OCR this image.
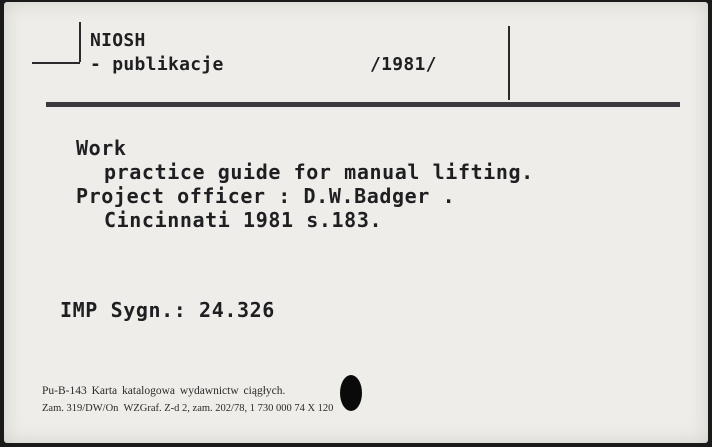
NIOSH
- publikacje	/1981/
Work
practice guide for manual lifting.
Project officer : D.W.Badger .
Cincinnati 1981 s.183.
IMP Sygn.: 24.326
Pu-B-143 Karta katalogowa wydawnictw ciągłych.
Zam. 319/DW/On  WZGraf. Z-d 2, zam. 202/78, 1 730 000 74 X 120
